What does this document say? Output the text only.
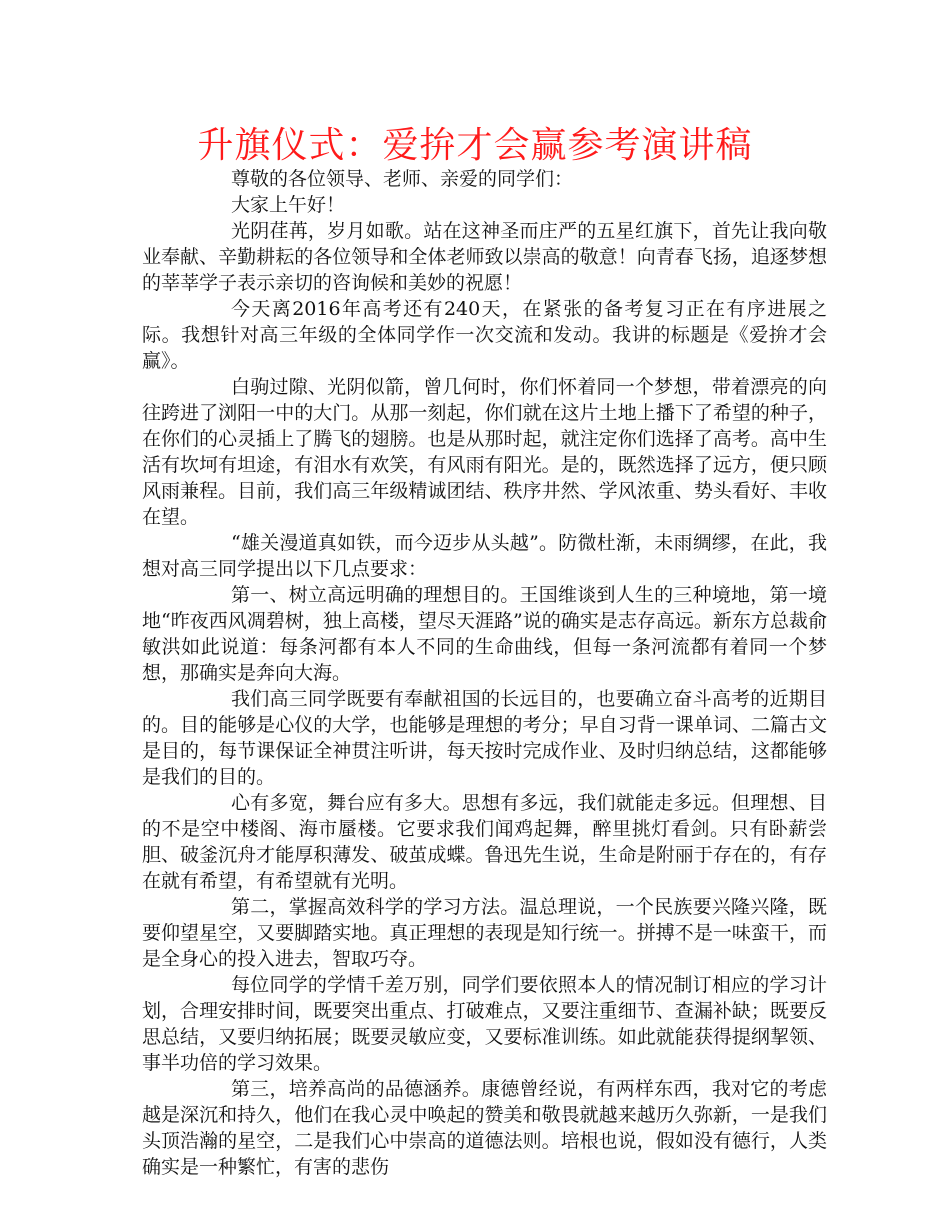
升旗仪式：爱拚才会赢参考演讲稿

尊敬的各位领导、老师、亲爱的同学们：

大家上午好！

光阴荏苒，岁月如歌。站在这神圣而庄严的五星红旗下，首先让我向敬业奉献、辛勤耕耘的各位领导和全体老师致以崇高的敬意！向青春飞扬，追逐梦想的莘莘学子表示亲切的咨询候和美妙的祝愿！

今天离2016年高考还有240天，在紧张的备考复习正在有序进展之际。我想针对高三年级的全体同学作一次交流和发动。我讲的标题是《爱拚才会赢》。

白驹过隙、光阴似箭，曾几何时，你们怀着同一个梦想，带着漂亮的向往跨进了浏阳一中的大门。从那一刻起，你们就在这片土地上播下了希望的种子，在你们的心灵插上了腾飞的翅膀。也是从那时起，就注定你们选择了高考。高中生活有坎坷有坦途，有泪水有欢笑，有风雨有阳光。是的，既然选择了远方，便只顾风雨兼程。目前，我们高三年级精诚团结、秩序井然、学风浓重、势头看好、丰收在望。

“雄关漫道真如铁，而今迈步从头越”。防微杜渐，未雨绸缪，在此，我想对高三同学提出以下几点要求：

第一、树立高远明确的理想目的。王国维谈到人生的三种境地，第一境地“昨夜西风凋碧树，独上高楼，望尽天涯路”说的确实是志存高远。新东方总裁俞敏洪如此说道：每条河都有本人不同的生命曲线，但每一条河流都有着同一个梦想，那确实是奔向大海。

我们高三同学既要有奉献祖国的长远目的，也要确立奋斗高考的近期目的。目的能够是心仪的大学，也能够是理想的考分；早自习背一课单词、二篇古文是目的，每节课保证全神贯注听讲，每天按时完成作业、及时归纳总结，这都能够是我们的目的。

心有多宽，舞台应有多大。思想有多远，我们就能走多远。但理想、目的不是空中楼阁、海市蜃楼。它要求我们闻鸡起舞，醉里挑灯看剑。只有卧薪尝胆、破釜沉舟才能厚积薄发、破茧成蝶。鲁迅先生说，生命是附丽于存在的，有存在就有希望，有希望就有光明。

第二，掌握高效科学的学习方法。温总理说，一个民族要兴隆兴隆，既要仰望星空，又要脚踏实地。真正理想的表现是知行统一。拼搏不是一味蛮干，而是全身心的投入进去，智取巧夺。

每位同学的学情千差万别，同学们要依照本人的情况制订相应的学习计划，合理安排时间，既要突出重点、打破难点，又要注重细节、查漏补缺；既要反思总结，又要归纳拓展；既要灵敏应变，又要标准训练。如此就能获得提纲挈领、事半功倍的学习效果。

第三，培养高尚的品德涵养。康德曾经说，有两样东西，我对它的考虑越是深沉和持久，他们在我心灵中唤起的赞美和敬畏就越来越历久弥新，一是我们头顶浩瀚的星空，二是我们心中崇高的道德法则。培根也说，假如没有德行，人类确实是一种繁忙，有害的悲伤
